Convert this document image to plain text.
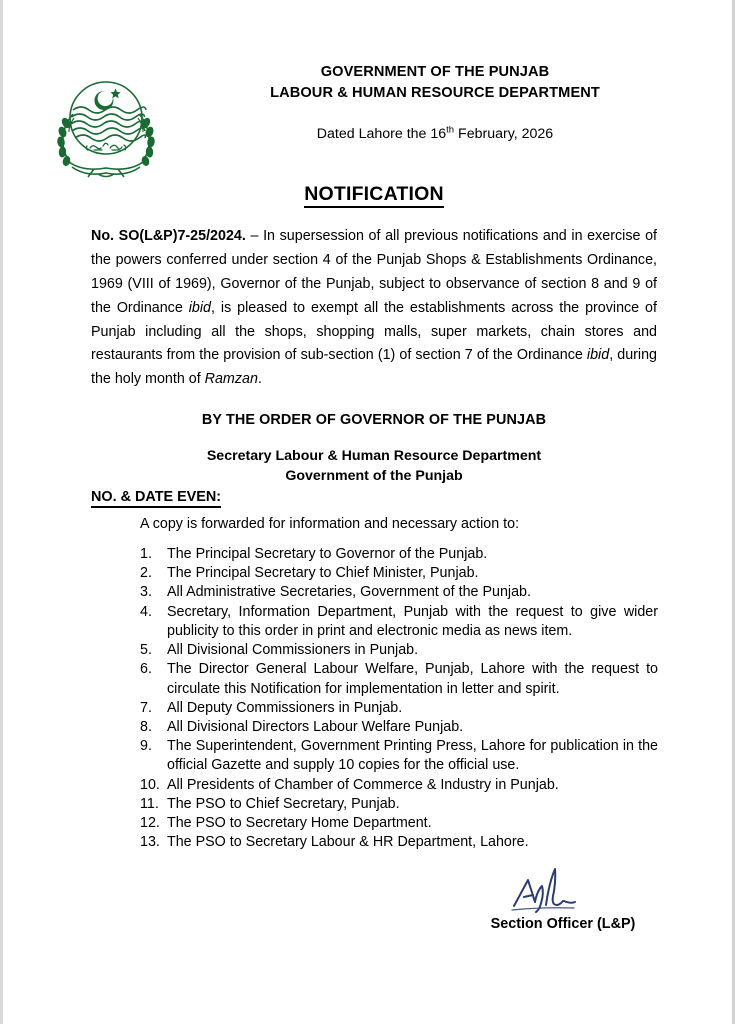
GOVERNMENT OF THE PUNJAB
LABOUR & HUMAN RESOURCE DEPARTMENT
Dated Lahore the 16th February, 2026
NOTIFICATION

No. SO(L&P)7-25/2024. – In supersession of all previous notifications and in exercise of the powers conferred under section 4 of the Punjab Shops & Establishments Ordinance, 1969 (VIII of 1969), Governor of the Punjab, subject to observance of section 8 and 9 of the Ordinance ibid, is pleased to exempt all the establishments across the province of Punjab including all the shops, shopping malls, super markets, chain stores and restaurants from the provision of sub-section (1) of section 7 of the Ordinance ibid, during the holy month of Ramzan.

BY THE ORDER OF GOVERNOR OF THE PUNJAB
Secretary Labour & Human Resource Department
Government of the Punjab
NO. & DATE EVEN:
A copy is forwarded for information and necessary action to:
1.	The Principal Secretary to Governor of the Punjab.
2.	The Principal Secretary to Chief Minister, Punjab.
3.	All Administrative Secretaries, Government of the Punjab.
4.	Secretary, Information Department, Punjab with the request to give wider publicity to this order in print and electronic media as news item.
5.	All Divisional Commissioners in Punjab.
6.	The Director General Labour Welfare, Punjab, Lahore with the request to circulate this Notification for implementation in letter and spirit.
7.	All Deputy Commissioners in Punjab.
8.	All Divisional Directors Labour Welfare Punjab.
9.	The Superintendent, Government Printing Press, Lahore for publication in the official Gazette and supply 10 copies for the official use.
10. All Presidents of Chamber of Commerce & Industry in Punjab.
11. The PSO to Chief Secretary, Punjab.
12. The PSO to Secretary Home Department.
13. The PSO to Secretary Labour & HR Department, Lahore.
Section Officer (L&P)
